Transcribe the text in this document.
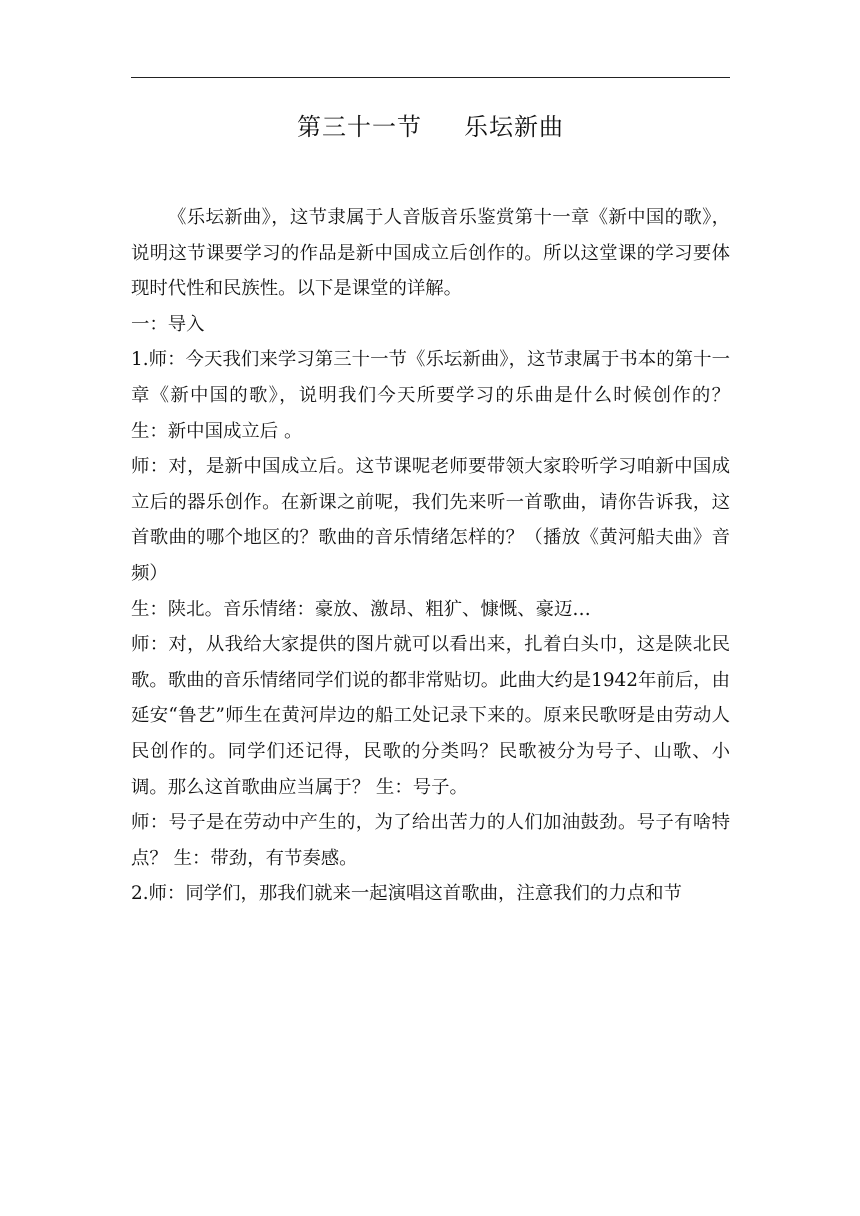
第三十一节 乐坛新曲

《乐坛新曲》，这节隶属于人音版音乐鉴赏第十一章《新中国的歌》，说明这节课要学习的作品是新中国成立后创作的。所以这堂课的学习要体现时代性和民族性。以下是课堂的详解。

一：导入

1.师：今天我们来学习第三十一节《乐坛新曲》，这节隶属于书本的第十一章《新中国的歌》，说明我们今天所要学习的乐曲是什么时候创作的？ 生：新中国成立后 。

师：对，是新中国成立后。这节课呢老师要带领大家聆听学习咱新中国成立后的器乐创作。在新课之前呢，我们先来听一首歌曲，请你告诉我，这首歌曲的哪个地区的？歌曲的音乐情绪怎样的？（播放《黄河船夫曲》音频）

生：陕北。音乐情绪：豪放、激昂、粗犷、慷慨、豪迈…

师：对，从我给大家提供的图片就可以看出来，扎着白头巾，这是陕北民歌。歌曲的音乐情绪同学们说的都非常贴切。此曲大约是1942年前后，由延安“鲁艺”师生在黄河岸边的船工处记录下来的。原来民歌呀是由劳动人民创作的。同学们还记得，民歌的分类吗？民歌被分为号子、山歌、小调。那么这首歌曲应当属于？ 生：号子。

师：号子是在劳动中产生的，为了给出苦力的人们加油鼓劲。号子有啥特点？ 生：带劲，有节奏感。

2.师：同学们，那我们就来一起演唱这首歌曲，注意我们的力点和节
